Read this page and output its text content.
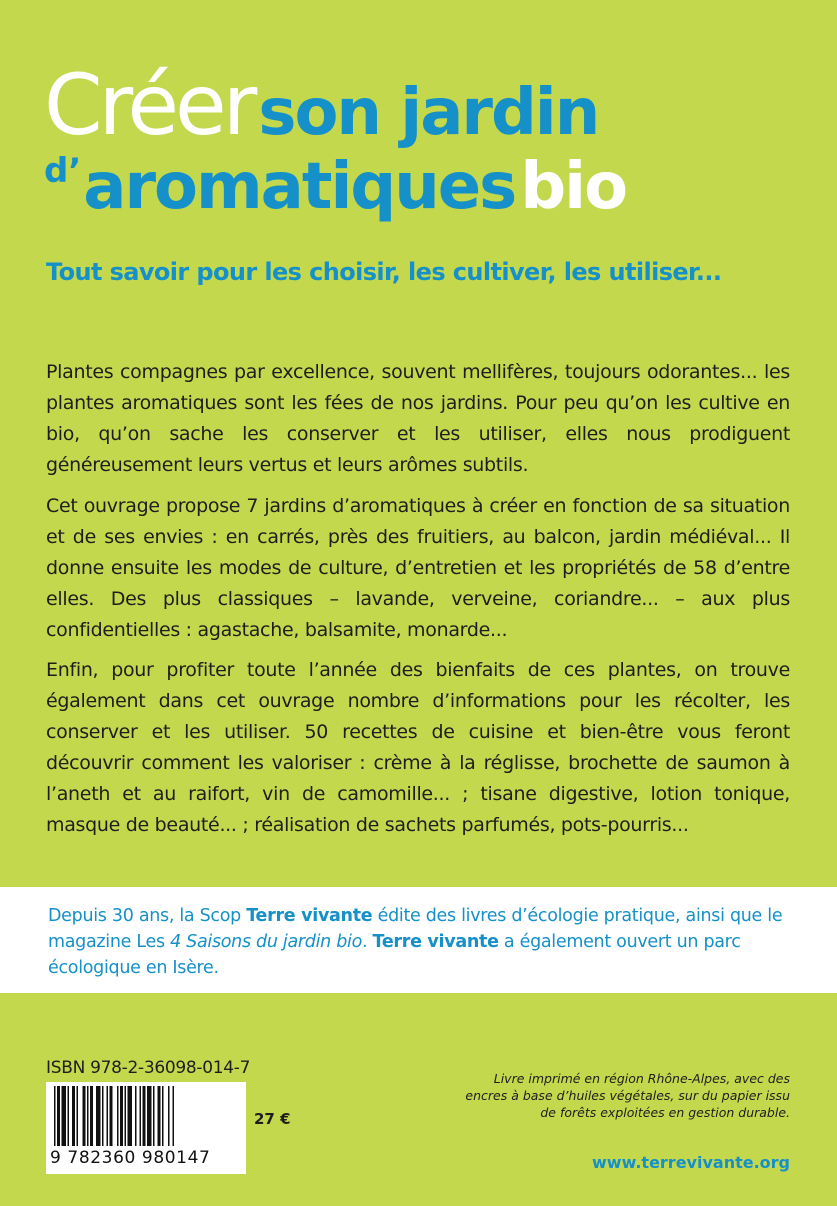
Créer son jardin
d’aromatiques bio
Tout savoir pour les choisir, les cultiver, les utiliser...

Plantes compagnes par excellence, souvent mellifères, toujours odorantes... les plantes aromatiques sont les fées de nos jardins. Pour peu qu’on les cultive en bio, qu’on sache les conserver et les utiliser, elles nous prodiguent généreusement leurs vertus et leurs arômes subtils.

Cet ouvrage propose 7 jardins d’aromatiques à créer en fonction de sa situation et de ses envies : en carrés, près des fruitiers, au balcon, jardin médiéval... Il donne ensuite les modes de culture, d’entretien et les propriétés de 58 d’entre elles. Des plus classiques – lavande, verveine, coriandre... – aux plus confidentielles : agastache, balsamite, monarde...

Enfin, pour profiter toute l’année des bienfaits de ces plantes, on trouve également dans cet ouvrage nombre d’informations pour les récolter, les conserver et les utiliser. 50 recettes de cuisine et bien-être vous feront découvrir comment les valoriser : crème à la réglisse, brochette de saumon à l’aneth et au raifort, vin de camomille... ; tisane digestive, lotion tonique, masque de beauté... ; réalisation de sachets parfumés, pots-pourris...

Depuis 30 ans, la Scop Terre vivante édite des livres d’écologie pratique, ainsi que le magazine Les 4 Saisons du jardin bio. Terre vivante a également ouvert un parc écologique en Isère.
ISBN 978-2-36098-014-7
9 782360 980147
27 €
Livre imprimé en région Rhône-Alpes, avec des encres à base d’huiles végétales, sur du papier issu de forêts exploitées en gestion durable.
www.terrevivante.org
